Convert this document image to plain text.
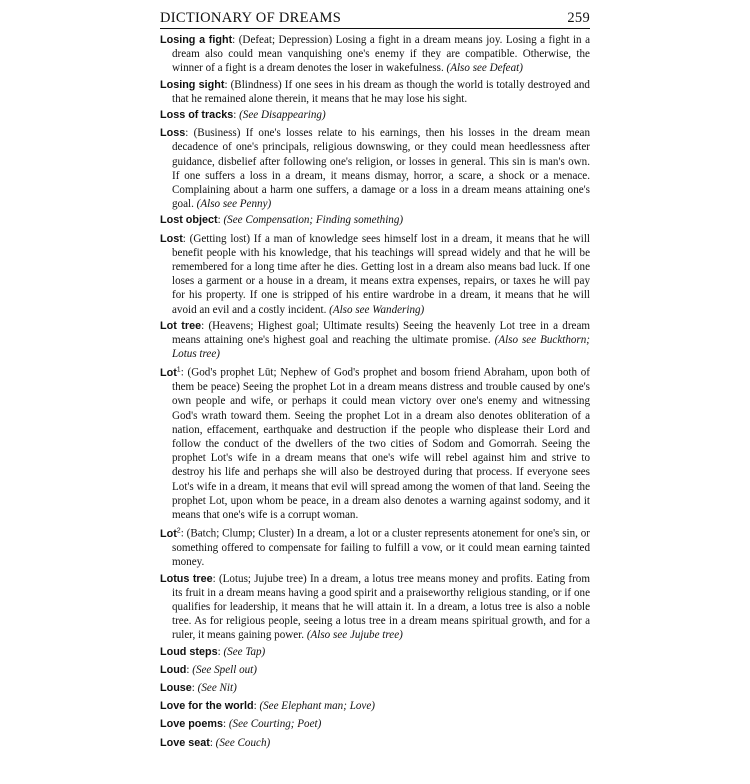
DICTIONARY OF DREAMS	259

Losing a fight: (Defeat; Depression) Losing a fight in a dream means joy. Losing a fight in a dream also could mean vanquishing one's enemy if they are compatible. Otherwise, the winner of a fight is a dream denotes the loser in wakefulness. (Also see Defeat)

Losing sight: (Blindness) If one sees in his dream as though the world is totally destroyed and that he remained alone therein, it means that he may lose his sight.

Loss of tracks: (See Disappearing)

Loss: (Business) If one's losses relate to his earnings, then his losses in the dream mean decadence of one's principals, religious downswing, or they could mean heedlessness after guidance, disbelief after following one's religion, or losses in general. This sin is man's own. If one suffers a loss in a dream, it means dismay, horror, a scare, a shock or a menace. Complaining about a harm one suffers, a damage or a loss in a dream means attaining one's goal. (Also see Penny)

Lost object: (See Compensation; Finding something)

Lost: (Getting lost) If a man of knowledge sees himself lost in a dream, it means that he will benefit people with his knowledge, that his teachings will spread widely and that he will be remembered for a long time after he dies. Getting lost in a dream also means bad luck. If one loses a garment or a house in a dream, it means extra expenses, repairs, or taxes he will pay for his property. If one is stripped of his entire wardrobe in a dream, it means that he will avoid an evil and a costly incident. (Also see Wandering)

Lot tree: (Heavens; Highest goal; Ultimate results) Seeing the heavenly Lot tree in a dream means attaining one's highest goal and reaching the ultimate promise. (Also see Buckthorn; Lotus tree)

Lot$^1$: (God's prophet Lūt; Nephew of God's prophet and bosom friend Abraham, upon both of them be peace) Seeing the prophet Lot in a dream means distress and trouble caused by one's own people and wife, or perhaps it could mean victory over one's enemy and witnessing God's wrath toward them. Seeing the prophet Lot in a dream also denotes obliteration of a nation, effacement, earthquake and destruction if the people who displease their Lord and follow the conduct of the dwellers of the two cities of Sodom and Gomorrah. Seeing the prophet Lot's wife in a dream means that one's wife will rebel against him and strive to destroy his life and perhaps she will also be destroyed during that process. If everyone sees Lot's wife in a dream, it means that evil will spread among the women of that land. Seeing the prophet Lot, upon whom be peace, in a dream also denotes a warning against sodomy, and it means that one's wife is a corrupt woman.

Lot$^2$: (Batch; Clump; Cluster) In a dream, a lot or a cluster represents atonement for one's sin, or something offered to compensate for failing to fulfill a vow, or it could mean earning tainted money.

Lotus tree: (Lotus; Jujube tree) In a dream, a lotus tree means money and profits. Eating from its fruit in a dream means having a good spirit and a praiseworthy religious standing, or if one qualifies for leadership, it means that he will attain it. In a dream, a lotus tree is also a noble tree. As for religious people, seeing a lotus tree in a dream means spiritual growth, and for a ruler, it means gaining power. (Also see Jujube tree)

Loud steps: (See Tap)

Loud: (See Spell out)

Louse: (See Nit)

Love for the world: (See Elephant man; Love)

Love poems: (See Courting; Poet)

Love seat: (See Couch)
